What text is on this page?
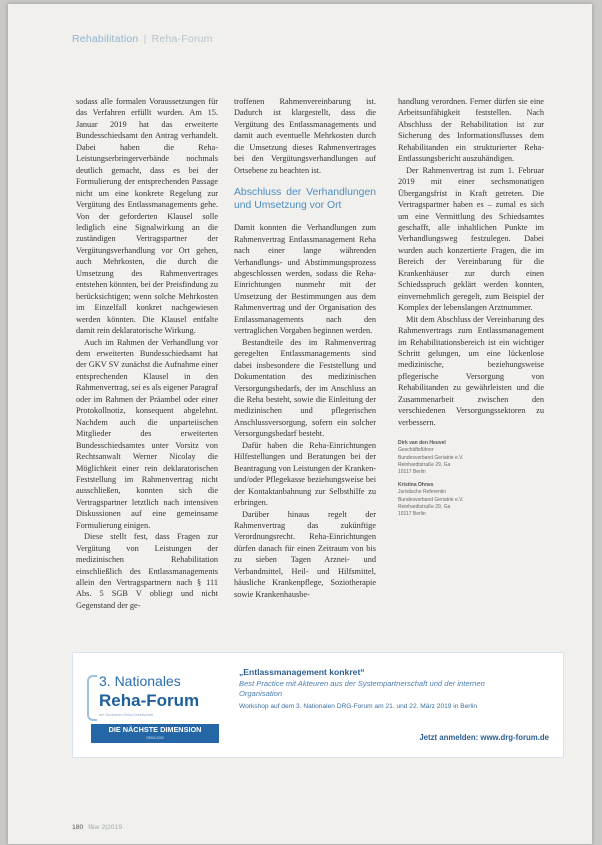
Rehabilitation | Reha-Forum

sodass alle formalen Voraussetzungen für das Verfahren erfüllt wurden. Am 15. Januar 2019 hat das erweiterte Bundesschiedsamt den Antrag verhandelt. Dabei haben die Reha-Leistungserbringerverbände nochmals deutlich gemacht, dass es bei der Formulierung der entsprechenden Passage nicht um eine konkrete Regelung zur Vergütung des Entlassmanagements gehe. Von der geforderten Klausel solle lediglich eine Signalwirkung an die zuständigen Vertragspartner der Vergütungsverhandlung vor Ort gehen, auch Mehrkosten, die durch die Umsetzung des Rahmenvertrages entstehen könnten, bei der Preisfindung zu berücksichtigen; wenn solche Mehrkosten im Einzelfall konkret nachgewiesen werden könnten. Die Klausel entfalte damit rein deklaratorische Wirkung.

Auch im Rahmen der Verhandlung vor dem erweiterten Bundesschiedsamt hat der GKV SV zunächst die Aufnahme einer entsprechenden Klausel in den Rahmenvertrag, sei es als eigener Paragraf oder im Rahmen der Präambel oder einer Protokollnotiz, konsequent abgelehnt. Nachdem auch die unparteiischen Mitglieder des erweiterten Bundesschiedsamtes unter Vorsitz von Rechtsanwalt Werner Nicolay die Möglichkeit einer rein deklaratorischen Feststellung im Rahmenvertrag nicht ausschließen, konnten sich die Vertragspartner letztlich nach intensiven Diskussionen auf eine gemeinsame Formulierung einigen.

Diese stellt fest, dass Fragen zur Vergütung von Leistungen der medizinischen Rehabilitation einschließlich des Entlassmanagements allein den Vertragspartnern nach § 111 Abs. 5 SGB V obliegt und nicht Gegenstand der ge-

troffenen Rahmenvereinbarung ist. Dadurch ist klargestellt, dass die Vergütung des Entlassmanagements und damit auch eventuelle Mehrkosten durch die Umsetzung dieses Rahmenvertrages bei den Vergütungsverhandlungen auf Ortsebene zu beachten ist.

Abschluss der Verhandlungen und Umsetzung vor Ort

Damit konnten die Verhandlungen zum Rahmenvertrag Entlassmanagement Reha nach einer lange währenden Verhandlungs- und Abstimmungsprozess abgeschlossen werden, sodass die Reha-Einrichtungen nunmehr mit der Umsetzung der Bestimmungen aus dem Rahmenvertrag und der Organisation des Entlassmanagements nach den vertraglichen Vorgaben beginnen werden.

Bestandteile des im Rahmenvertrag geregelten Entlassmanagements sind dabei insbesondere die Feststellung und Dokumentation des medizinischen Versorgungsbedarfs, der im Anschluss an die Reha besteht, sowie die Einleitung der medizinischen und pflegerischen Anschlussversorgung, sofern ein solcher Versorgungsbedarf besteht.

Dafür haben die Reha-Einrichtungen Hilfestellungen und Beratungen bei der Beantragung von Leistungen der Kranken- und/oder Pflegekasse beziehungsweise bei der Kontaktanbahnung zur Selbsthilfe zu erbringen.

Darüber hinaus regelt der Rahmenvertrag das zukünftige Verordnungsrecht. Reha-Einrichtungen dürfen danach für einen Zeitraum von bis zu sieben Tagen Arznei- und Verbandmittel, Heil- und Hilfsmittel, häusliche Krankenpflege, Soziotherapie sowie Krankenhausbe-

handlung verordnen. Ferner dürfen sie eine Arbeitsunfähigkeit feststellen. Nach Abschluss der Rehabilitation ist zur Sicherung des Informationsflusses dem Rehabilitanden ein strukturierter Reha-Entlassungsbericht auszuhändigen.

Der Rahmenvertrag ist zum 1. Februar 2019 mit einer sechsmonatigen Übergangsfrist in Kraft getreten. Die Vertragspartner haben es – zumal es sich um eine Vermittlung des Schiedsamtes geschafft, alle inhaltlichen Punkte im Verhandlungsweg festzulegen. Dabei wurden auch konzertierte Fragen, die im Bereich der Vereinbarung für die Krankenhäuser zur durch einen Schiedsspruch geklärt werden konnten, einvernehmlich geregelt, zum Beispiel der Komplex der lebenslangen Arztnummer.

Mit dem Abschluss der Vereinbarung des Rahmenvertrags zum Entlassmanagement im Rehabilitationsbereich ist ein wichtiger Schritt gelungen, um eine lückenlose medizinische, beziehungsweise pflegerische Versorgung von Rehabilitanden zu gewährleisten und die Zusammenarbeit zwischen den verschiedenen Versorgungssektoren zu verbessern.

Dirk van den Heuvel
Geschäftsführer
Bundesverband Geriatrie e.V.
Reinhardtstraße 29, Ga
10117 Berlin
Kristina Ohnes
Juristische Referentin
Bundesverband Geriatrie e.V.
Reinhardtstraße 29, Ga
10117 Berlin
3. Nationales
Reha-Forum
der Deutschen Reha-Gesellschaft
DIE NÄCHSTE DIMENSION
REHA 2030
„Entlassmanagement konkret“
Best Practice mit Akteuren aus der Systempartnerschaft und der internen Organisation
Workshop auf dem 3. Nationalen DRG-Forum am 21. und 22. März 2019 in Berlin
Jetzt anmelden: www.drg-forum.de
180 f&w 2|2019
